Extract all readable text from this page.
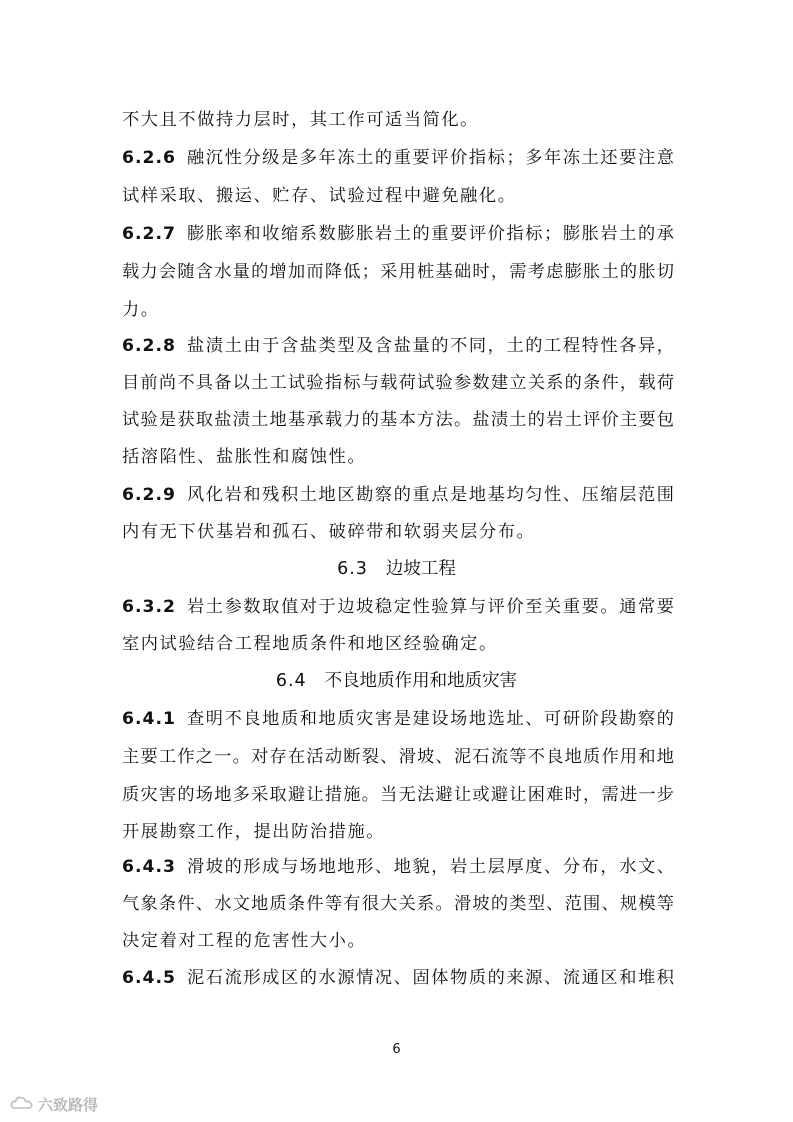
不大且不做持力层时，其工作可适当简化。
6.2.6 融沉性分级是多年冻土的重要评价指标；多年冻土还要注意
试样采取、搬运、贮存、试验过程中避免融化。
6.2.7 膨胀率和收缩系数膨胀岩土的重要评价指标；膨胀岩土的承
载力会随含水量的增加而降低；采用桩基础时，需考虑膨胀土的胀切
力。
6.2.8 盐渍土由于含盐类型及含盐量的不同，土的工程特性各异，
目前尚不具备以土工试验指标与载荷试验参数建立关系的条件，载荷
试验是获取盐渍土地基承载力的基本方法。盐渍土的岩土评价主要包
括溶陷性、盐胀性和腐蚀性。
6.2.9 风化岩和残积土地区勘察的重点是地基均匀性、压缩层范围
内有无下伏基岩和孤石、破碎带和软弱夹层分布。
6.3 边坡工程
6.3.2 岩土参数取值对于边坡稳定性验算与评价至关重要。通常要
室内试验结合工程地质条件和地区经验确定。
6.4 不良地质作用和地质灾害
6.4.1 查明不良地质和地质灾害是建设场地选址、可研阶段勘察的
主要工作之一。对存在活动断裂、滑坡、泥石流等不良地质作用和地
质灾害的场地多采取避让措施。当无法避让或避让困难时，需进一步
开展勘察工作，提出防治措施。
6.4.3 滑坡的形成与场地地形、地貌，岩土层厚度、分布，水文、
气象条件、水文地质条件等有很大关系。滑坡的类型、范围、规模等
决定着对工程的危害性大小。
6.4.5 泥石流形成区的水源情况、固体物质的来源、流通区和堆积
6
六致路得
